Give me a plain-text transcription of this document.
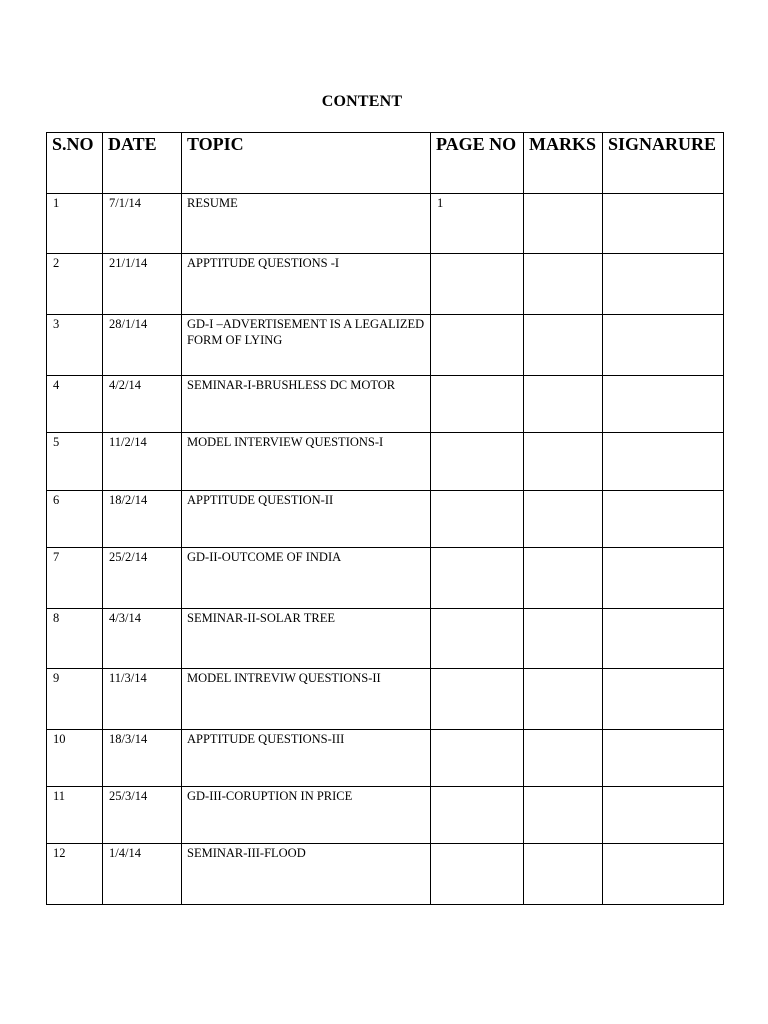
CONTENT
S.NO	DATE	TOPIC	PAGE NO	MARKS	SIGNARURE
1	7/1/14	RESUME	1		
2	21/1/14	APPTITUDE QUESTIONS -I			
3	28/1/14	GD-I –ADVERTISEMENT IS A LEGALIZED FORM OF LYING			
4	4/2/14	SEMINAR-I-BRUSHLESS DC MOTOR			
5	11/2/14	MODEL INTERVIEW QUESTIONS-I			
6	18/2/14	APPTITUDE QUESTION-II			
7	25/2/14	GD-II-OUTCOME OF INDIA			
8	4/3/14	SEMINAR-II-SOLAR TREE			
9	11/3/14	MODEL INTREVIW QUESTIONS-II			
10	18/3/14	APPTITUDE QUESTIONS-III			
11	25/3/14	GD-III-CORUPTION IN PRICE			
12	1/4/14	SEMINAR-III-FLOOD			
